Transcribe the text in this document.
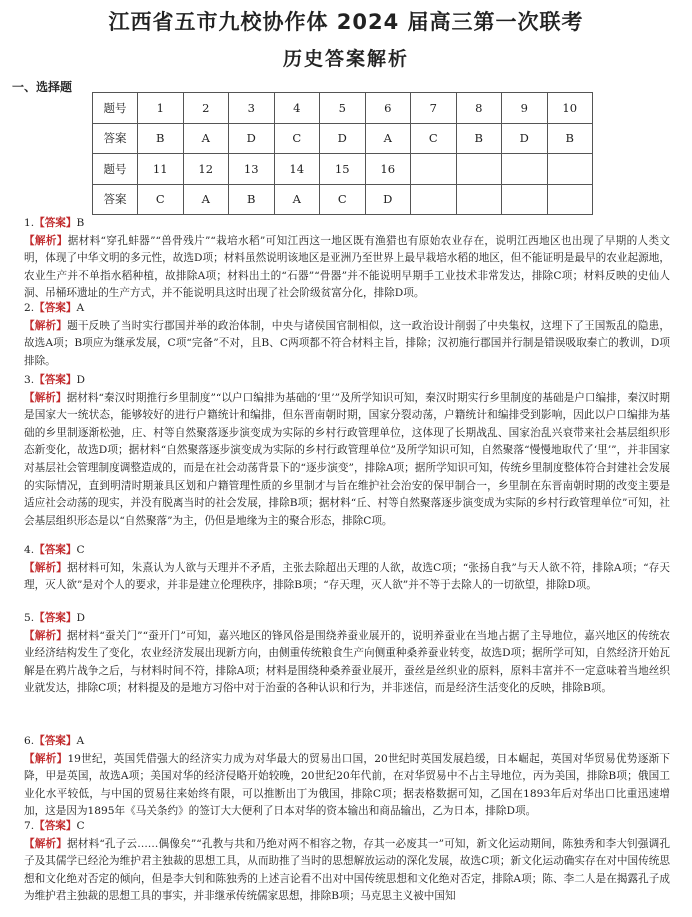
江西省五市九校协作体 2024 届高三第一次联考
历史答案解析
一、选择题
题号	1	2	3	4	5	6	7	8	9	10
答案	B	A	D	C	D	A	C	B	D	B
题号	11	12	13	14	15	16				
答案	C	A	B	A	C	D				
1.【答案】B
【解析】据材料“穿孔蚌器”“兽骨残片”“栽培水稻”可知江西这一地区既有渔猎也有原始农业存在，说明江西地区也出现了早期的人类文明，体现了中华文明的多元性，故选D项；材料虽然说明该地区是亚洲乃至世界上最早栽培水稻的地区，但不能证明是最早的农业起源地，农业生产并不单指水稻种植，故排除A项；材料出土的“石器”“骨器”并不能说明早期手工业技术非常发达，排除C项；材料反映的史仙人洞、吊桶环遗址的生产方式，并不能说明具这时出现了社会阶级贫富分化，排除D项。
2.【答案】A
【解析】题干反映了当时实行郡国并举的政治体制，中央与诸侯国官制相似，这一政治设计削弱了中央集权，这埋下了王国叛乱的隐患，故选A项；B项应为继承发展，C项“完备”不对，且B、C两项都不符合材料主旨，排除；汉初施行郡国并行制是错误吸取秦亡的教训，D项排除。
3.【答案】D
【解析】据材料“秦汉时期推行乡里制度”“以户口编排为基础的‘里’”及所学知识可知，秦汉时期实行乡里制度的基础是户口编排，秦汉时期是国家大一统状态，能够较好的进行户籍统计和编排，但东晋南朝时期，国家分裂动荡，户籍统计和编排受到影响，因此以户口编排为基础的乡里制逐渐松弛，庄、村等自然聚落逐步演变成为实际的乡村行政管理单位，这体现了长期战乱、国家治乱兴衰带来社会基层组织形态新变化，故选D项；据材料“自然聚落逐步演变成为实际的乡村行政管理单位”及所学知识可知，自然聚落“慢慢地取代了‘里’”，并非国家对基层社会管理制度调整造成的，而是在社会动荡背景下的“逐步演变”，排除A项；据所学知识可知，传统乡里制度整体符合封建社会发展的实际情况，直到明清时期兼具区划和户籍管理性质的乡里制才与旨在维护社会治安的保甲制合一，乡里制在东晋南朝时期的改变主要是适应社会动荡的现实，并没有脱离当时的社会发展，排除B项；据材料“丘、村等自然聚落逐步演变成为实际的乡村行政管理单位”可知，社会基层组织形态是以“自然聚落”为主，仍但是地缘为主的聚合形态，排除C项。
4.【答案】C
【解析】据材料可知，朱熹认为人欲与天理并不矛盾，主张去除超出天理的人欲，故选C项；“张扬自我”与天人欲不符，排除A项；“存天理，灭人欲”是对个人的要求，并非是建立伦理秩序，排除B项；“存天理，灭人欲”并不等于去除人的一切欲望，排除D项。
5.【答案】D
【解析】据材料“蚕关门”“蚕开门”可知，嘉兴地区的锋风俗是围绕养蚕业展开的，说明养蚕业在当地占据了主导地位，嘉兴地区的传统农业经济结构发生了变化，农业经济发展出现新方向，由侧重传统粮食生产向侧重种桑养蚕业转变，故选D项；据所学可知，自然经济开始瓦解是在鸦片战争之后，与材料时间不符，排除A项；材料是围绕种桑养蚕业展开，蚕丝是丝织业的原料，原料丰富并不一定意味着当地丝织业就发达，排除C项；材料提及的是地方习俗中对于治蚕的各种认识和行为，并非迷信，而是经济生活变化的反映，排除B项。
6.【答案】A
【解析】19世纪，英国凭借强大的经济实力成为对华最大的贸易出口国，20世纪时英国发展趋缓，日本崛起，英国对华贸易优势逐渐下降，甲是英国，故选A项；美国对华的经济侵略开始较晚，20世纪20年代前，在对华贸易中不占主导地位，丙为美国，排除B项；俄国工业化水平较低，与中国的贸易往来始终有限，可以推断出丁为俄国，排除C项；据表格数据可知，乙国在1893年后对华出口比重迅速增加，这是因为1895年《马关条约》的签订大大便利了日本对华的资本输出和商品输出，乙为日本，排除D项。
7.【答案】C
【解析】据材料“孔子云……偶像矣”“孔教与共和乃绝对两不相容之物，存其一必废其一”可知，新文化运动期间，陈独秀和李大钊强调孔子及其儒学已经沦为维护君主独裁的思想工具，从而助推了当时的思想解放运动的深化发展，故选C项；新文化运动确实存在对中国传统思想和文化绝对否定的倾向，但是李大钊和陈独秀的上述言论看不出对中国传统思想和文化绝对否定，排除A项；陈、李二人是在揭露孔子成为维护君主独裁的思想工具的事实，并非继承传统儒家思想，排除B项；马克思主义被中国知
